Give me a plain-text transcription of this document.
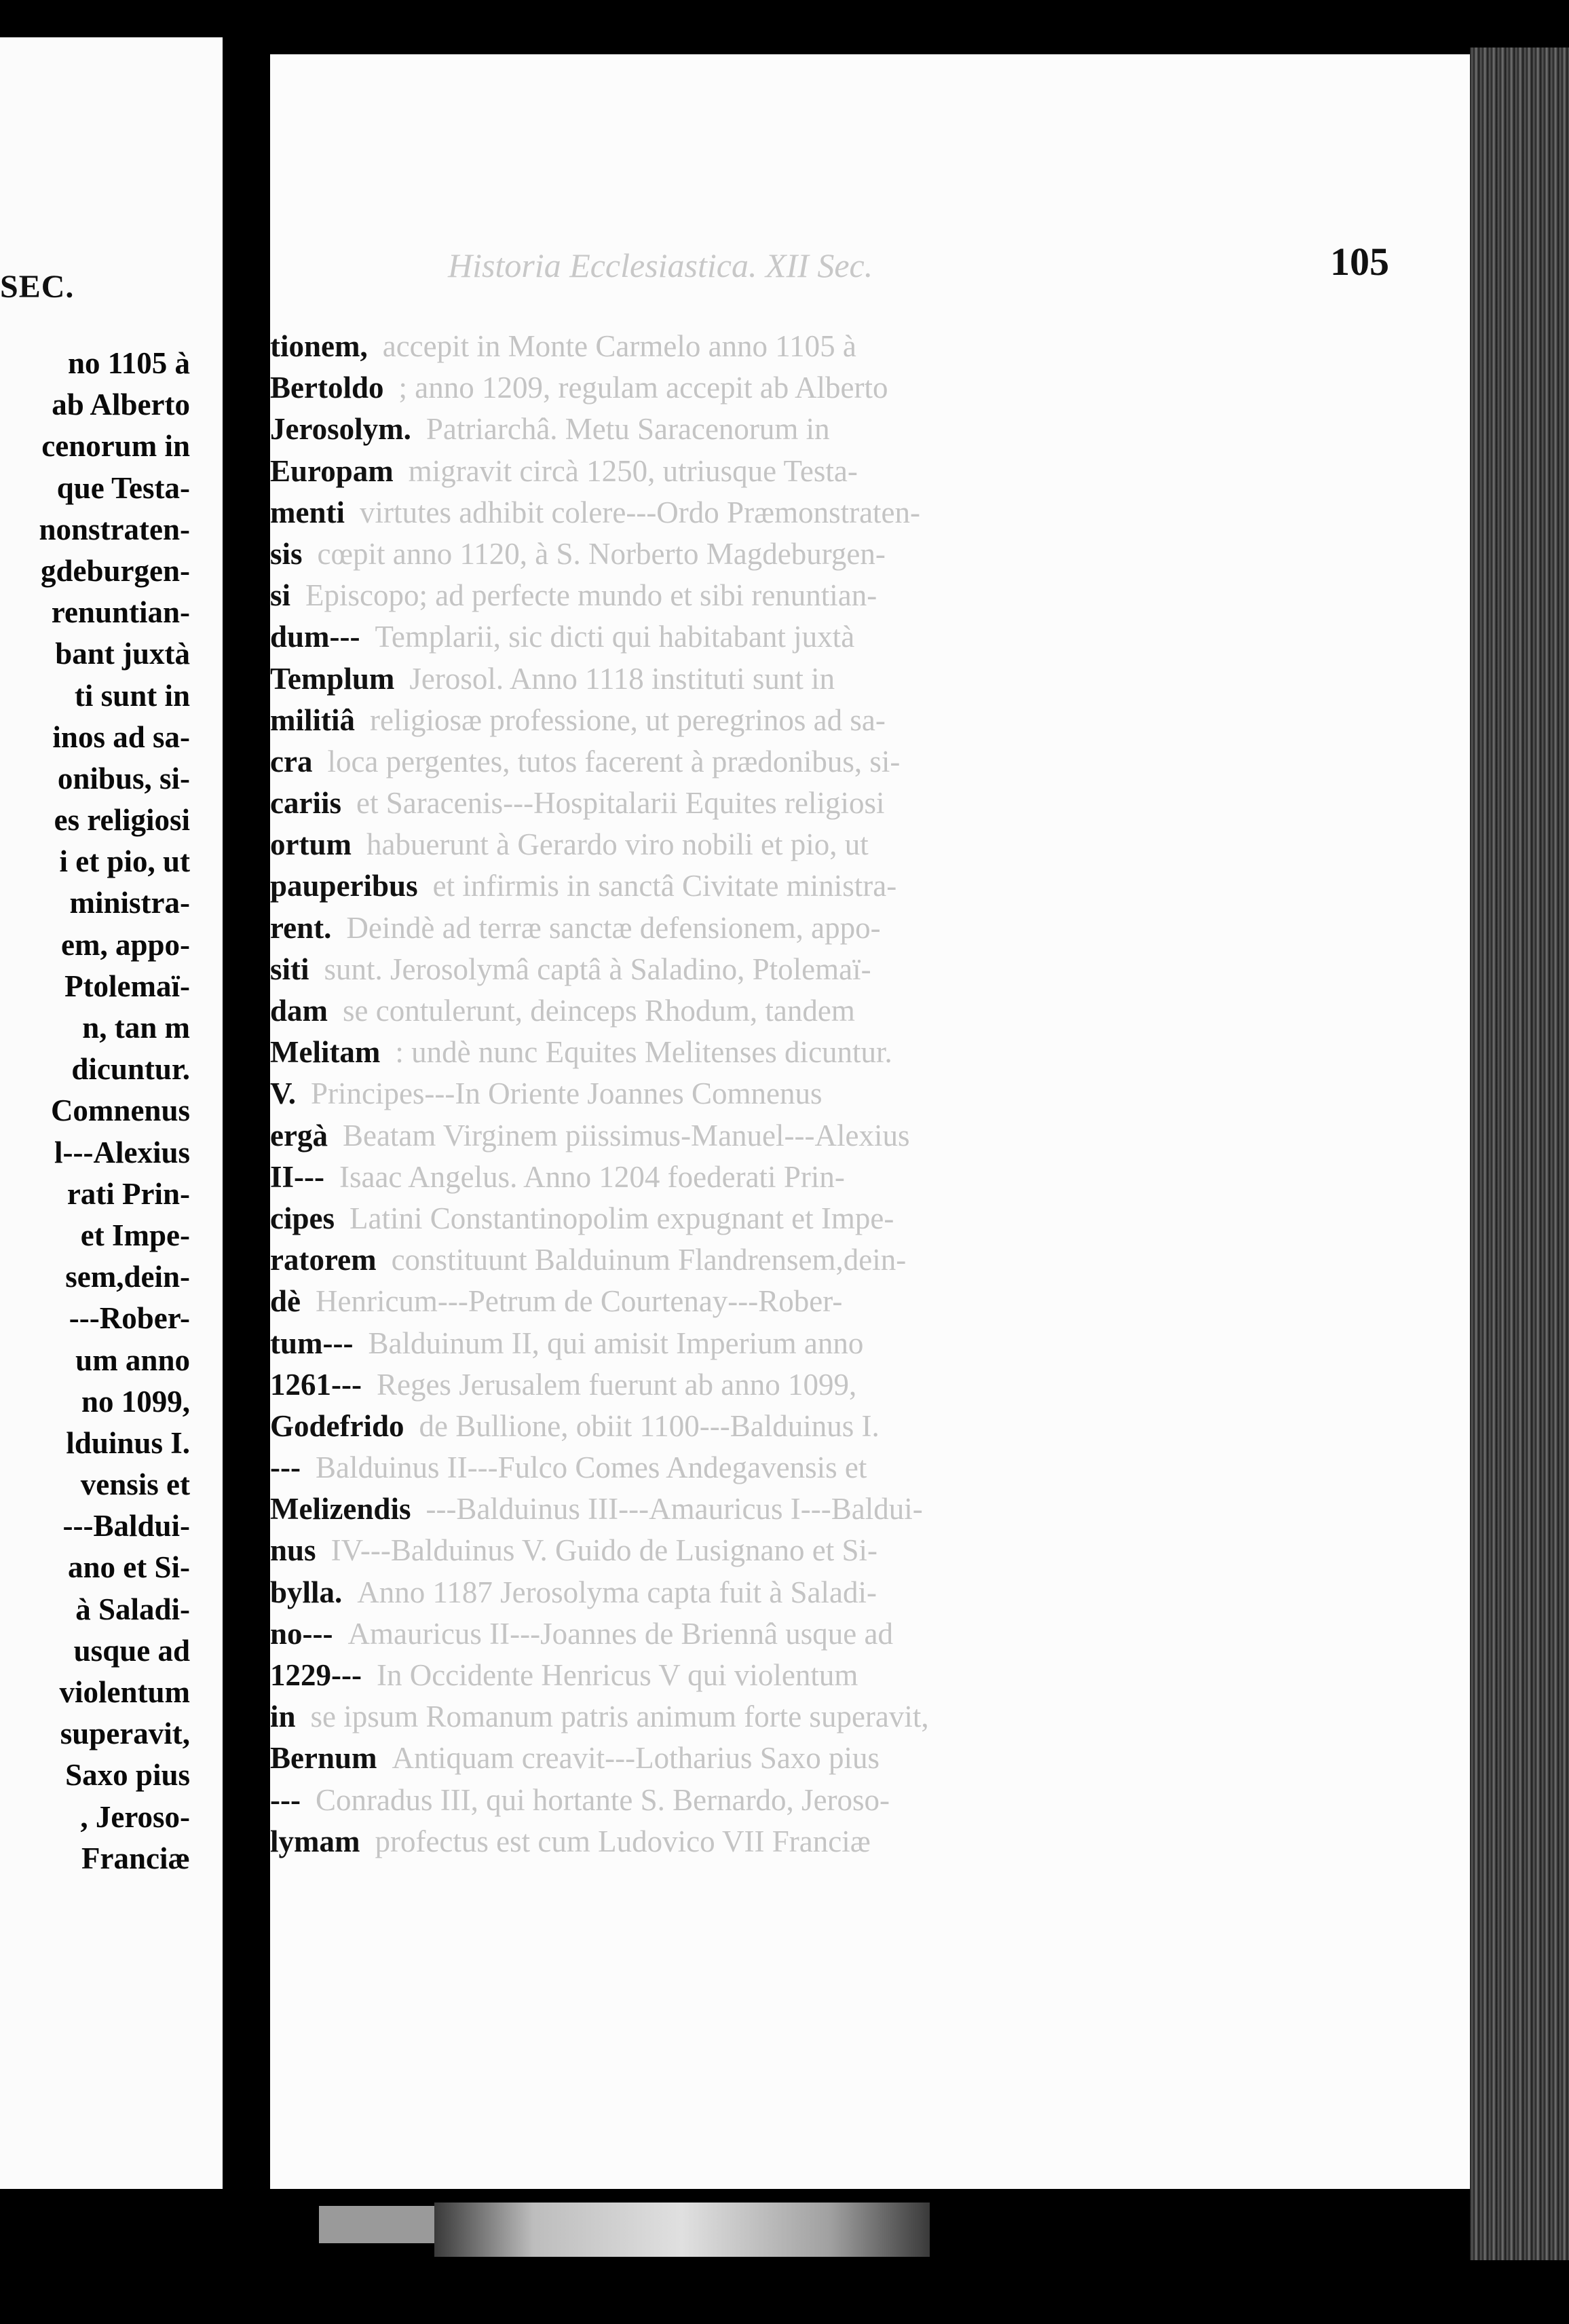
SEC.
no 1105 à
ab Alberto
cenorum in
que Testa-
nonstraten-
gdeburgen-
renuntian-
bant juxtà
ti sunt in
inos ad sa-
onibus, si-
es religiosi
i et pio, ut
ministra-
em, appo-
Ptolemaï-
n, tan m
dicuntur.
Comnenus
l---Alexius
rati Prin-
et Impe-
sem,dein-
---Rober-
um anno
no 1099,
lduinus I.
vensis et
---Baldui-
ano et Si-
à Saladi-
usque ad
violentum
superavit,
Saxo pius
, Jeroso-
Franciæ
Historia Ecclesiastica. XII Sec.	105
tionem, accepit in Monte Carmelo anno 1105 à
Bertoldo ; anno 1209, regulam accepit ab Alberto
Jerosolym. Patriarchâ. Metu Saracenorum in
Europam migravit circà 1250, utriusque Testa-
menti virtutes adhibit colere---Ordo Præmonstraten-
sis cœpit anno 1120, à S. Norberto Magdeburgen-
si Episcopo; ad perfecte mundo et sibi renuntian-
dum--- Templarii, sic dicti qui habitabant juxtà
Templum Jerosol. Anno 1118 instituti sunt in
militiâ religiosæ professione, ut peregrinos ad sa-
cra loca pergentes, tutos facerent à prædonibus, si-
cariis et Saracenis---Hospitalarii Equites religiosi
ortum habuerunt à Gerardo viro nobili et pio, ut
pauperibus et infirmis in sanctâ Civitate ministra-
rent. Deindè ad terræ sanctæ defensionem, appo-
siti sunt. Jerosolymâ captâ à Saladino, Ptolemaï-
dam se contulerunt, deinceps Rhodum, tandem
Melitam : undè nunc Equites Melitenses dicuntur.
V. Principes---In Oriente Joannes Comnenus
ergà Beatam Virginem piissimus-Manuel---Alexius
II--- Isaac Angelus. Anno 1204 foederati Prin-
cipes Latini Constantinopolim expugnant et Impe-
ratorem constituunt Balduinum Flandrensem,dein-
dè Henricum---Petrum de Courtenay---Rober-
tum--- Balduinum II, qui amisit Imperium anno
1261--- Reges Jerusalem fuerunt ab anno 1099,
Godefrido de Bullione, obiit 1100---Balduinus I.
--- Balduinus II---Fulco Comes Andegavensis et
Melizendis ---Balduinus III---Amauricus I---Baldui-
nus IV---Balduinus V. Guido de Lusignano et Si-
bylla. Anno 1187 Jerosolyma capta fuit à Saladi-
no--- Amauricus II---Joannes de Briennâ usque ad
1229--- In Occidente Henricus V qui violentum
in se ipsum Romanum patris animum forte superavit,
Bernum Antiquam creavit---Lotharius Saxo pius
--- Conradus III, qui hortante S. Bernardo, Jeroso-
lymam profectus est cum Ludovico VII Franciæ
